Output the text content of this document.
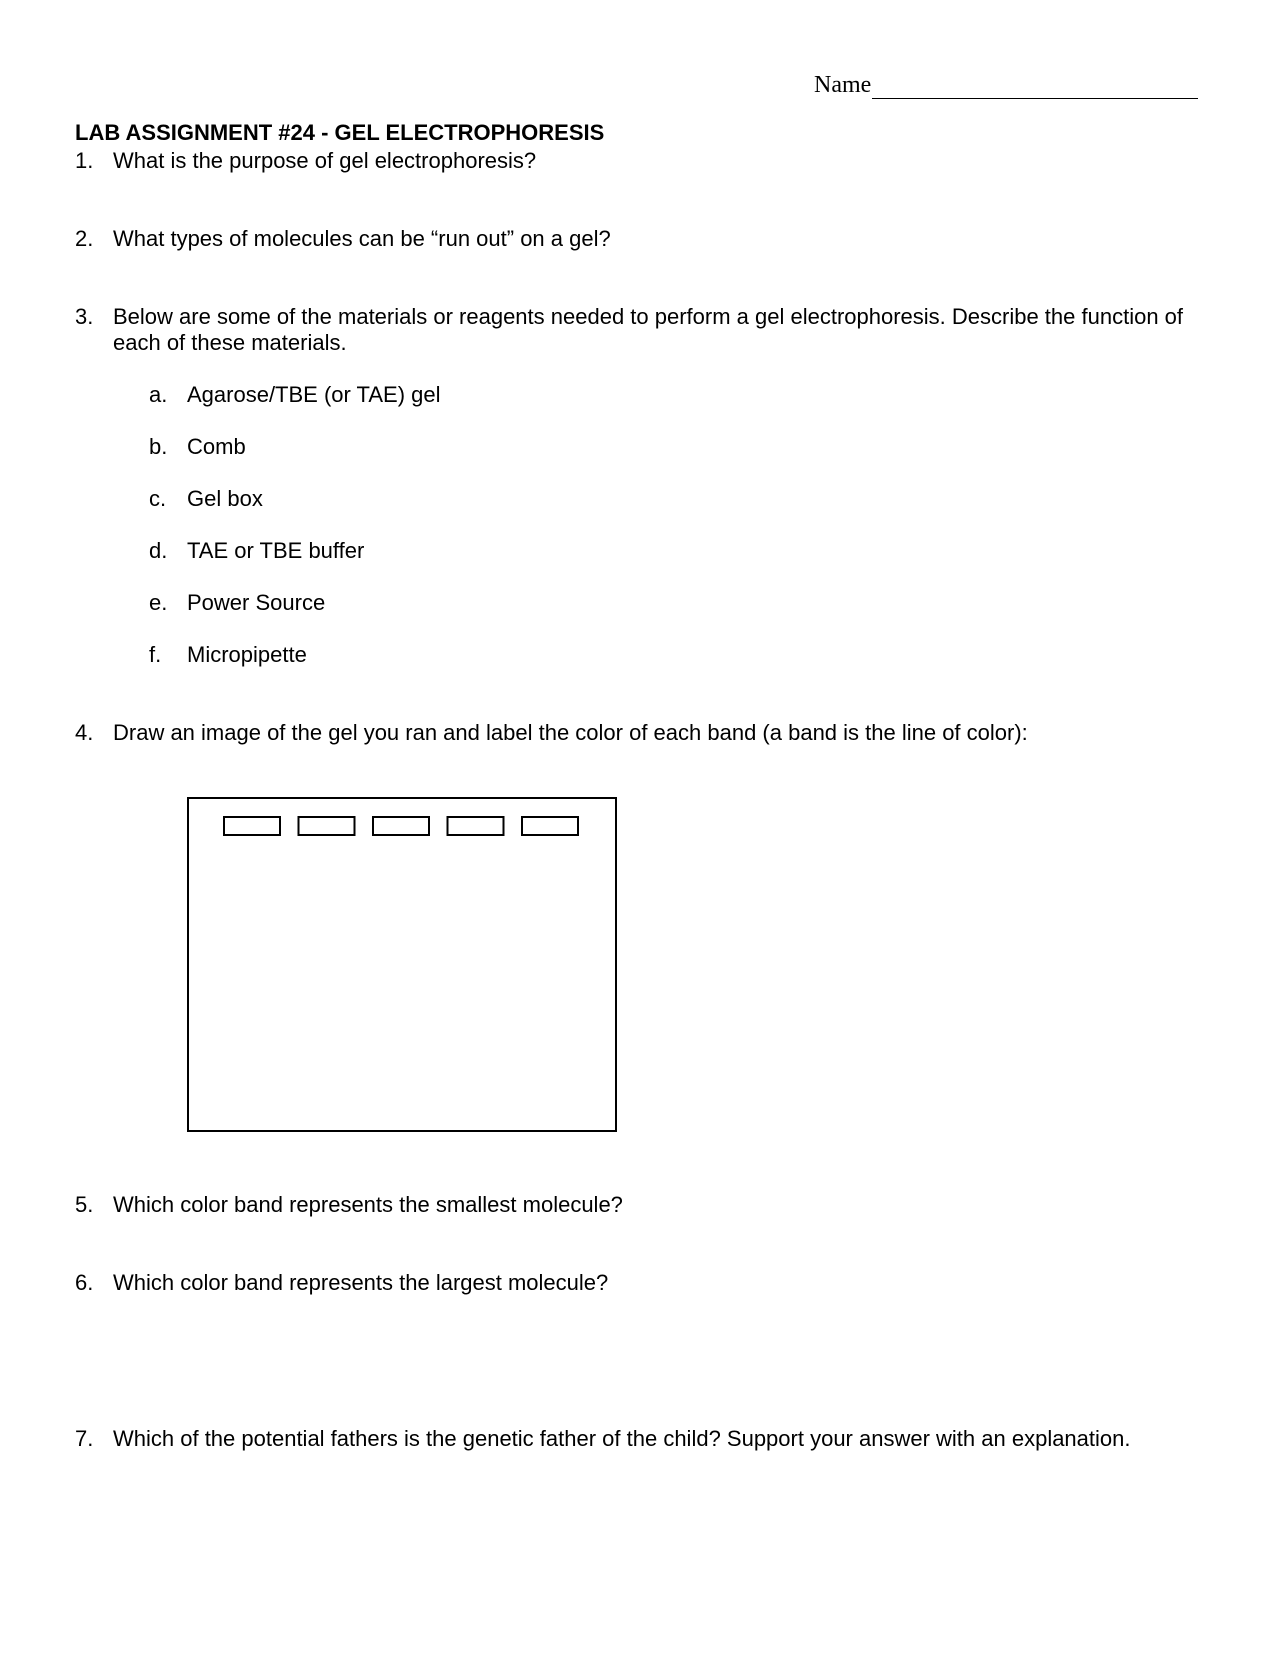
Name
LAB ASSIGNMENT #24 - GEL ELECTROPHORESIS
1. What is the purpose of gel electrophoresis?
2. What types of molecules can be “run out” on a gel?
3. Below are some of the materials or reagents needed to perform a gel electrophoresis. Describe the function of each of these materials.
a. Agarose/TBE (or TAE) gel
b. Comb
c. Gel box
d. TAE or TBE buffer
e. Power Source
f. Micropipette
4. Draw an image of the gel you ran and label the color of each band (a band is the line of color):
5. Which color band represents the smallest molecule?
6. Which color band represents the largest molecule?
7. Which of the potential fathers is the genetic father of the child? Support your answer with an explanation.
